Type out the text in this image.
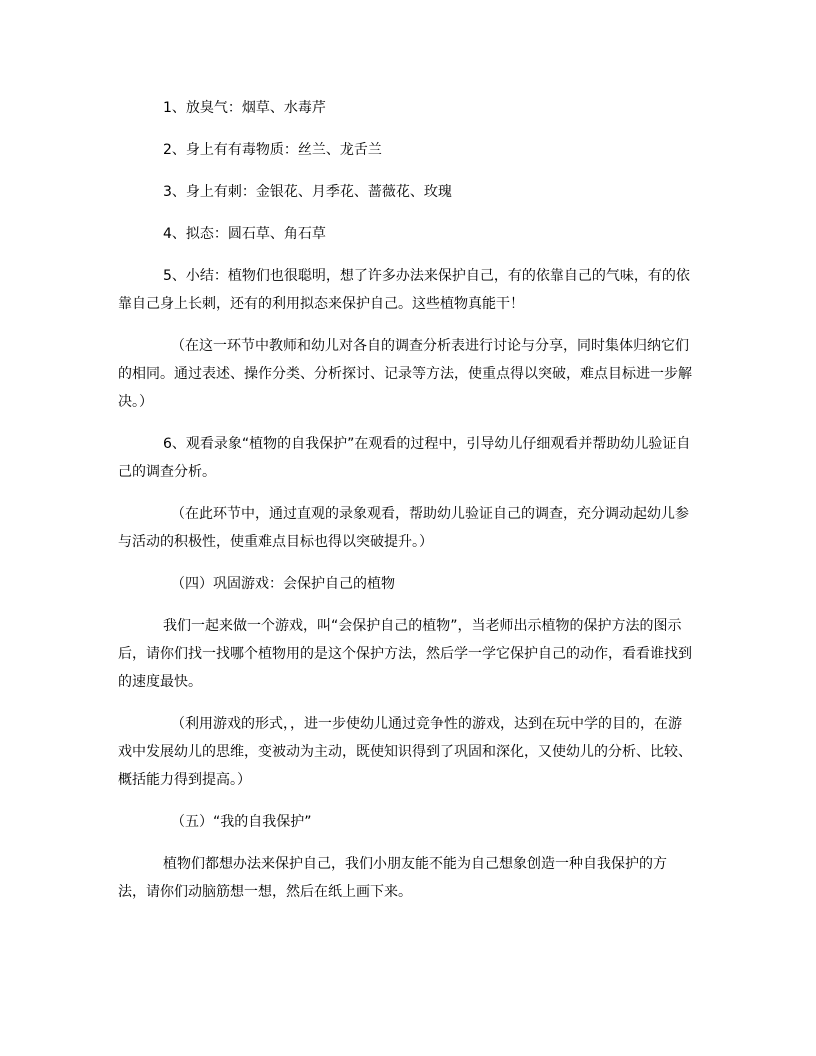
1、放臭气：烟草、水毒芹

2、身上有有毒物质：丝兰、龙舌兰

3、身上有刺：金银花、月季花、蔷薇花、玫瑰

4、拟态：圆石草、角石草

5、小结：植物们也很聪明，想了许多办法来保护自己，有的依靠自己的气味，有的依靠自己身上长刺，还有的利用拟态来保护自己。这些植物真能干！

（在这一环节中教师和幼儿对各自的调查分析表进行讨论与分享，同时集体归纳它们的相同。通过表述、操作分类、分析探讨、记录等方法，使重点得以突破，难点目标进一步解决。）

6、观看录象“植物的自我保护”在观看的过程中，引导幼儿仔细观看并帮助幼儿验证自己的调查分析。

（在此环节中，通过直观的录象观看，帮助幼儿验证自己的调查，充分调动起幼儿参与活动的积极性，使重难点目标也得以突破提升。）

（四）巩固游戏：会保护自己的植物

我们一起来做一个游戏，叫“会保护自己的植物”，当老师出示植物的保护方法的图示后，请你们找一找哪个植物用的是这个保护方法，然后学一学它保护自己的动作，看看谁找到的速度最快。

（利用游戏的形式，，进一步使幼儿通过竞争性的游戏，达到在玩中学的目的，在游戏中发展幼儿的思维，变被动为主动，既使知识得到了巩固和深化，又使幼儿的分析、比较、概括能力得到提高。）

（五）“我的自我保护”

植物们都想办法来保护自己，我们小朋友能不能为自己想象创造一种自我保护的方法，请你们动脑筋想一想，然后在纸上画下来。
